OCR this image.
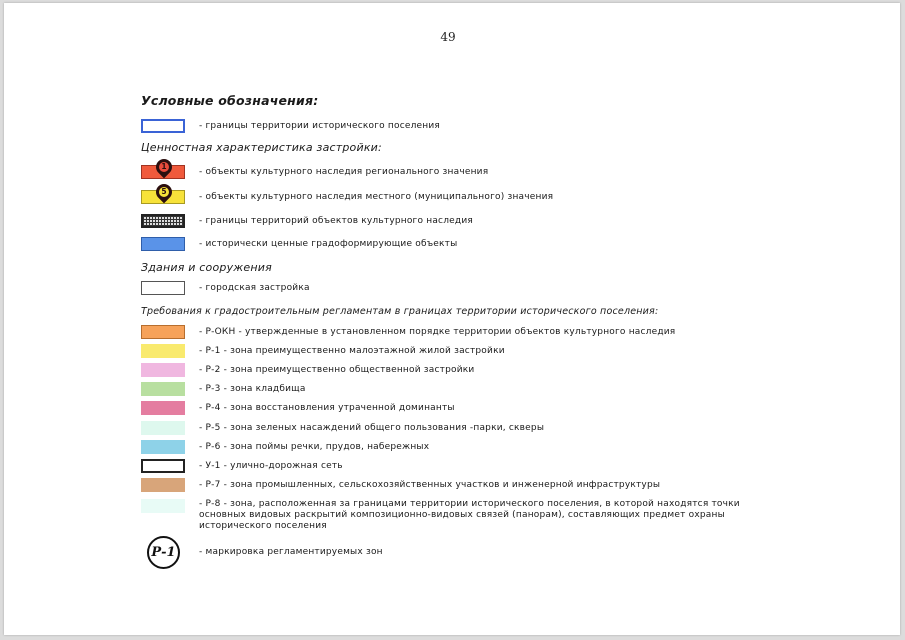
49
Условные обозначения:
- границы территории исторического поселения
Ценностная характеристика застройки:
1
- объекты культурного наследия регионального значения
5
- объекты культурного наследия местного (муниципального) значения
- границы территорий объектов культурного наследия
- исторически ценные градоформирующие объекты
Здания и сооружения
- городская застройка
Требования к градостроительным регламентам в границах территории исторического поселения:
- Р-ОКН - утвержденные в установленном порядке территории объектов культурного наследия
- Р-1 - зона преимущественно малоэтажной жилой застройки
- Р-2 - зона преимущественно общественной застройки
- Р-3 - зона кладбища
- Р-4 - зона восстановления утраченной доминанты
- Р-5 - зона зеленых насаждений общего пользования -парки, скверы
- Р-6 - зона поймы речки, прудов, набережных
- У-1 - улично-дорожная сеть
- Р-7 - зона промышленных, сельскохозяйственных участков и инженерной инфраструктуры
- Р-8 - зона, расположенная за границами территории исторического поселения, в которой находятся точки основных видовых раскрытий композиционно-видовых связей (панорам), составляющих предмет охраны исторического поселения
Р-1	- маркировка регламентируемых зон
